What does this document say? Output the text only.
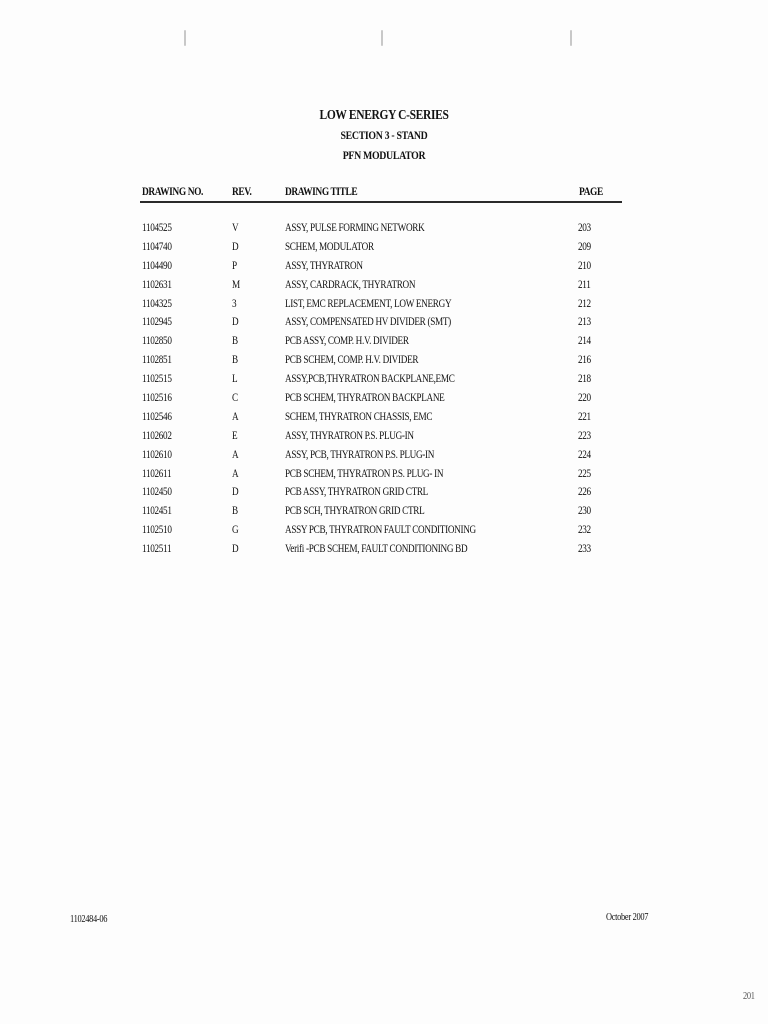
LOW ENERGY C-SERIES
SECTION 3 - STAND
PFN MODULATOR
DRAWING NO.	REV.	DRAWING TITLE	PAGE
1104525	V	ASSY, PULSE FORMING NETWORK	203
1104740	D	SCHEM, MODULATOR	209
1104490	P	ASSY, THYRATRON	210
1102631	M	ASSY, CARDRACK, THYRATRON	211
1104325	3	LIST, EMC REPLACEMENT, LOW ENERGY	212
1102945	D	ASSY, COMPENSATED HV DIVIDER (SMT)	213
1102850	B	PCB ASSY, COMP. H.V. DIVIDER	214
1102851	B	PCB SCHEM, COMP. H.V. DIVIDER	216
1102515	L	ASSY,PCB,THYRATRON BACKPLANE,EMC	218
1102516	C	PCB SCHEM, THYRATRON BACKPLANE	220
1102546	A	SCHEM, THYRATRON CHASSIS, EMC	221
1102602	E	ASSY, THYRATRON P.S. PLUG-IN	223
1102610	A	ASSY, PCB, THYRATRON P.S. PLUG-IN	224
1102611	A	PCB SCHEM, THYRATRON P.S. PLUG- IN	225
1102450	D	PCB ASSY, THYRATRON GRID CTRL	226
1102451	B	PCB SCH, THYRATRON GRID CTRL	230
1102510	G	ASSY PCB, THYRATRON FAULT CONDITIONING	232
1102511	D	Verifi -PCB SCHEM, FAULT CONDITIONING BD	233
1102484-06	October 2007
201
